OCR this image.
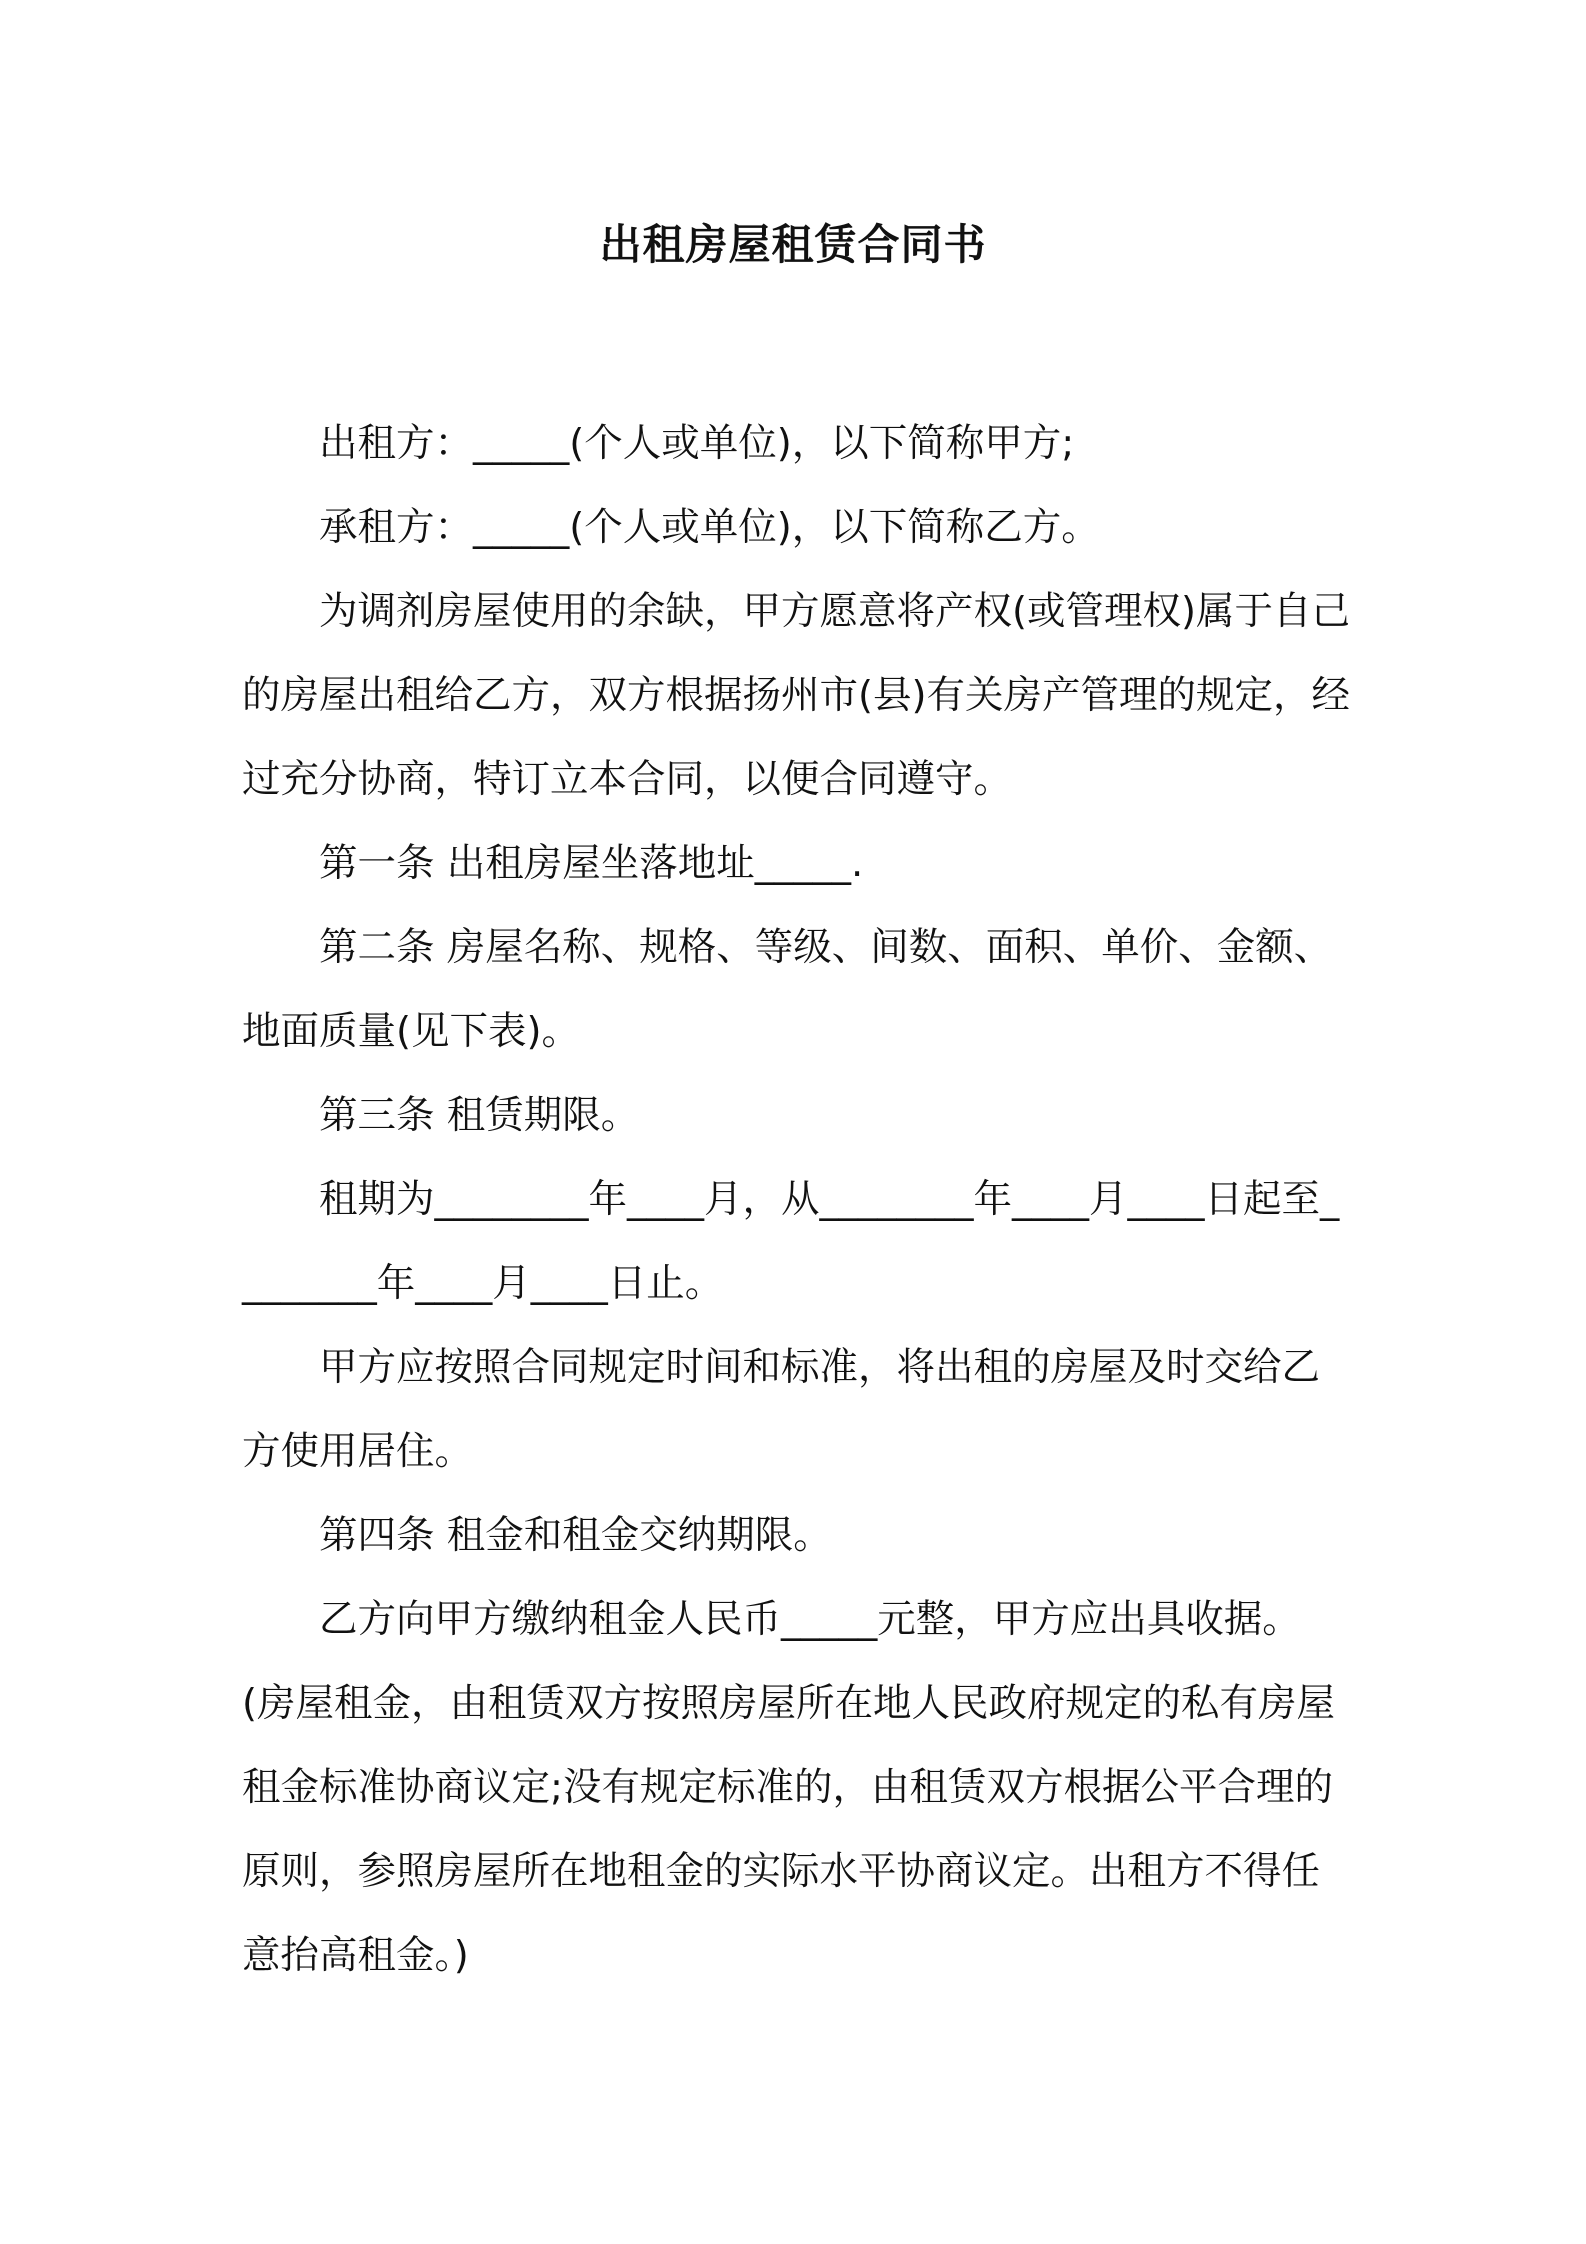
出租房屋租赁合同书

出租方：_____(个人或单位)，以下简称甲方;

承租方：_____(个人或单位)，以下简称乙方。

为调剂房屋使用的余缺，甲方愿意将产权(或管理权)属于自己的房屋出租给乙方，双方根据扬州市(县)有关房产管理的规定，经过充分协商，特订立本合同，以便合同遵守。

第一条 出租房屋坐落地址_____.

第二条 房屋名称、规格、等级、间数、面积、单价、金额、地面质量(见下表)。

第三条 租赁期限。

租期为________年____月，从________年____月____日起至________年____月____日止。

甲方应按照合同规定时间和标准，将出租的房屋及时交给乙方使用居住。

第四条 租金和租金交纳期限。

乙方向甲方缴纳租金人民币_____元整，甲方应出具收据。

(房屋租金，由租赁双方按照房屋所在地人民政府规定的私有房屋租金标准协商议定;没有规定标准的，由租赁双方根据公平合理的原则，参照房屋所在地租金的实际水平协商议定。出租方不得任意抬高租金。)
